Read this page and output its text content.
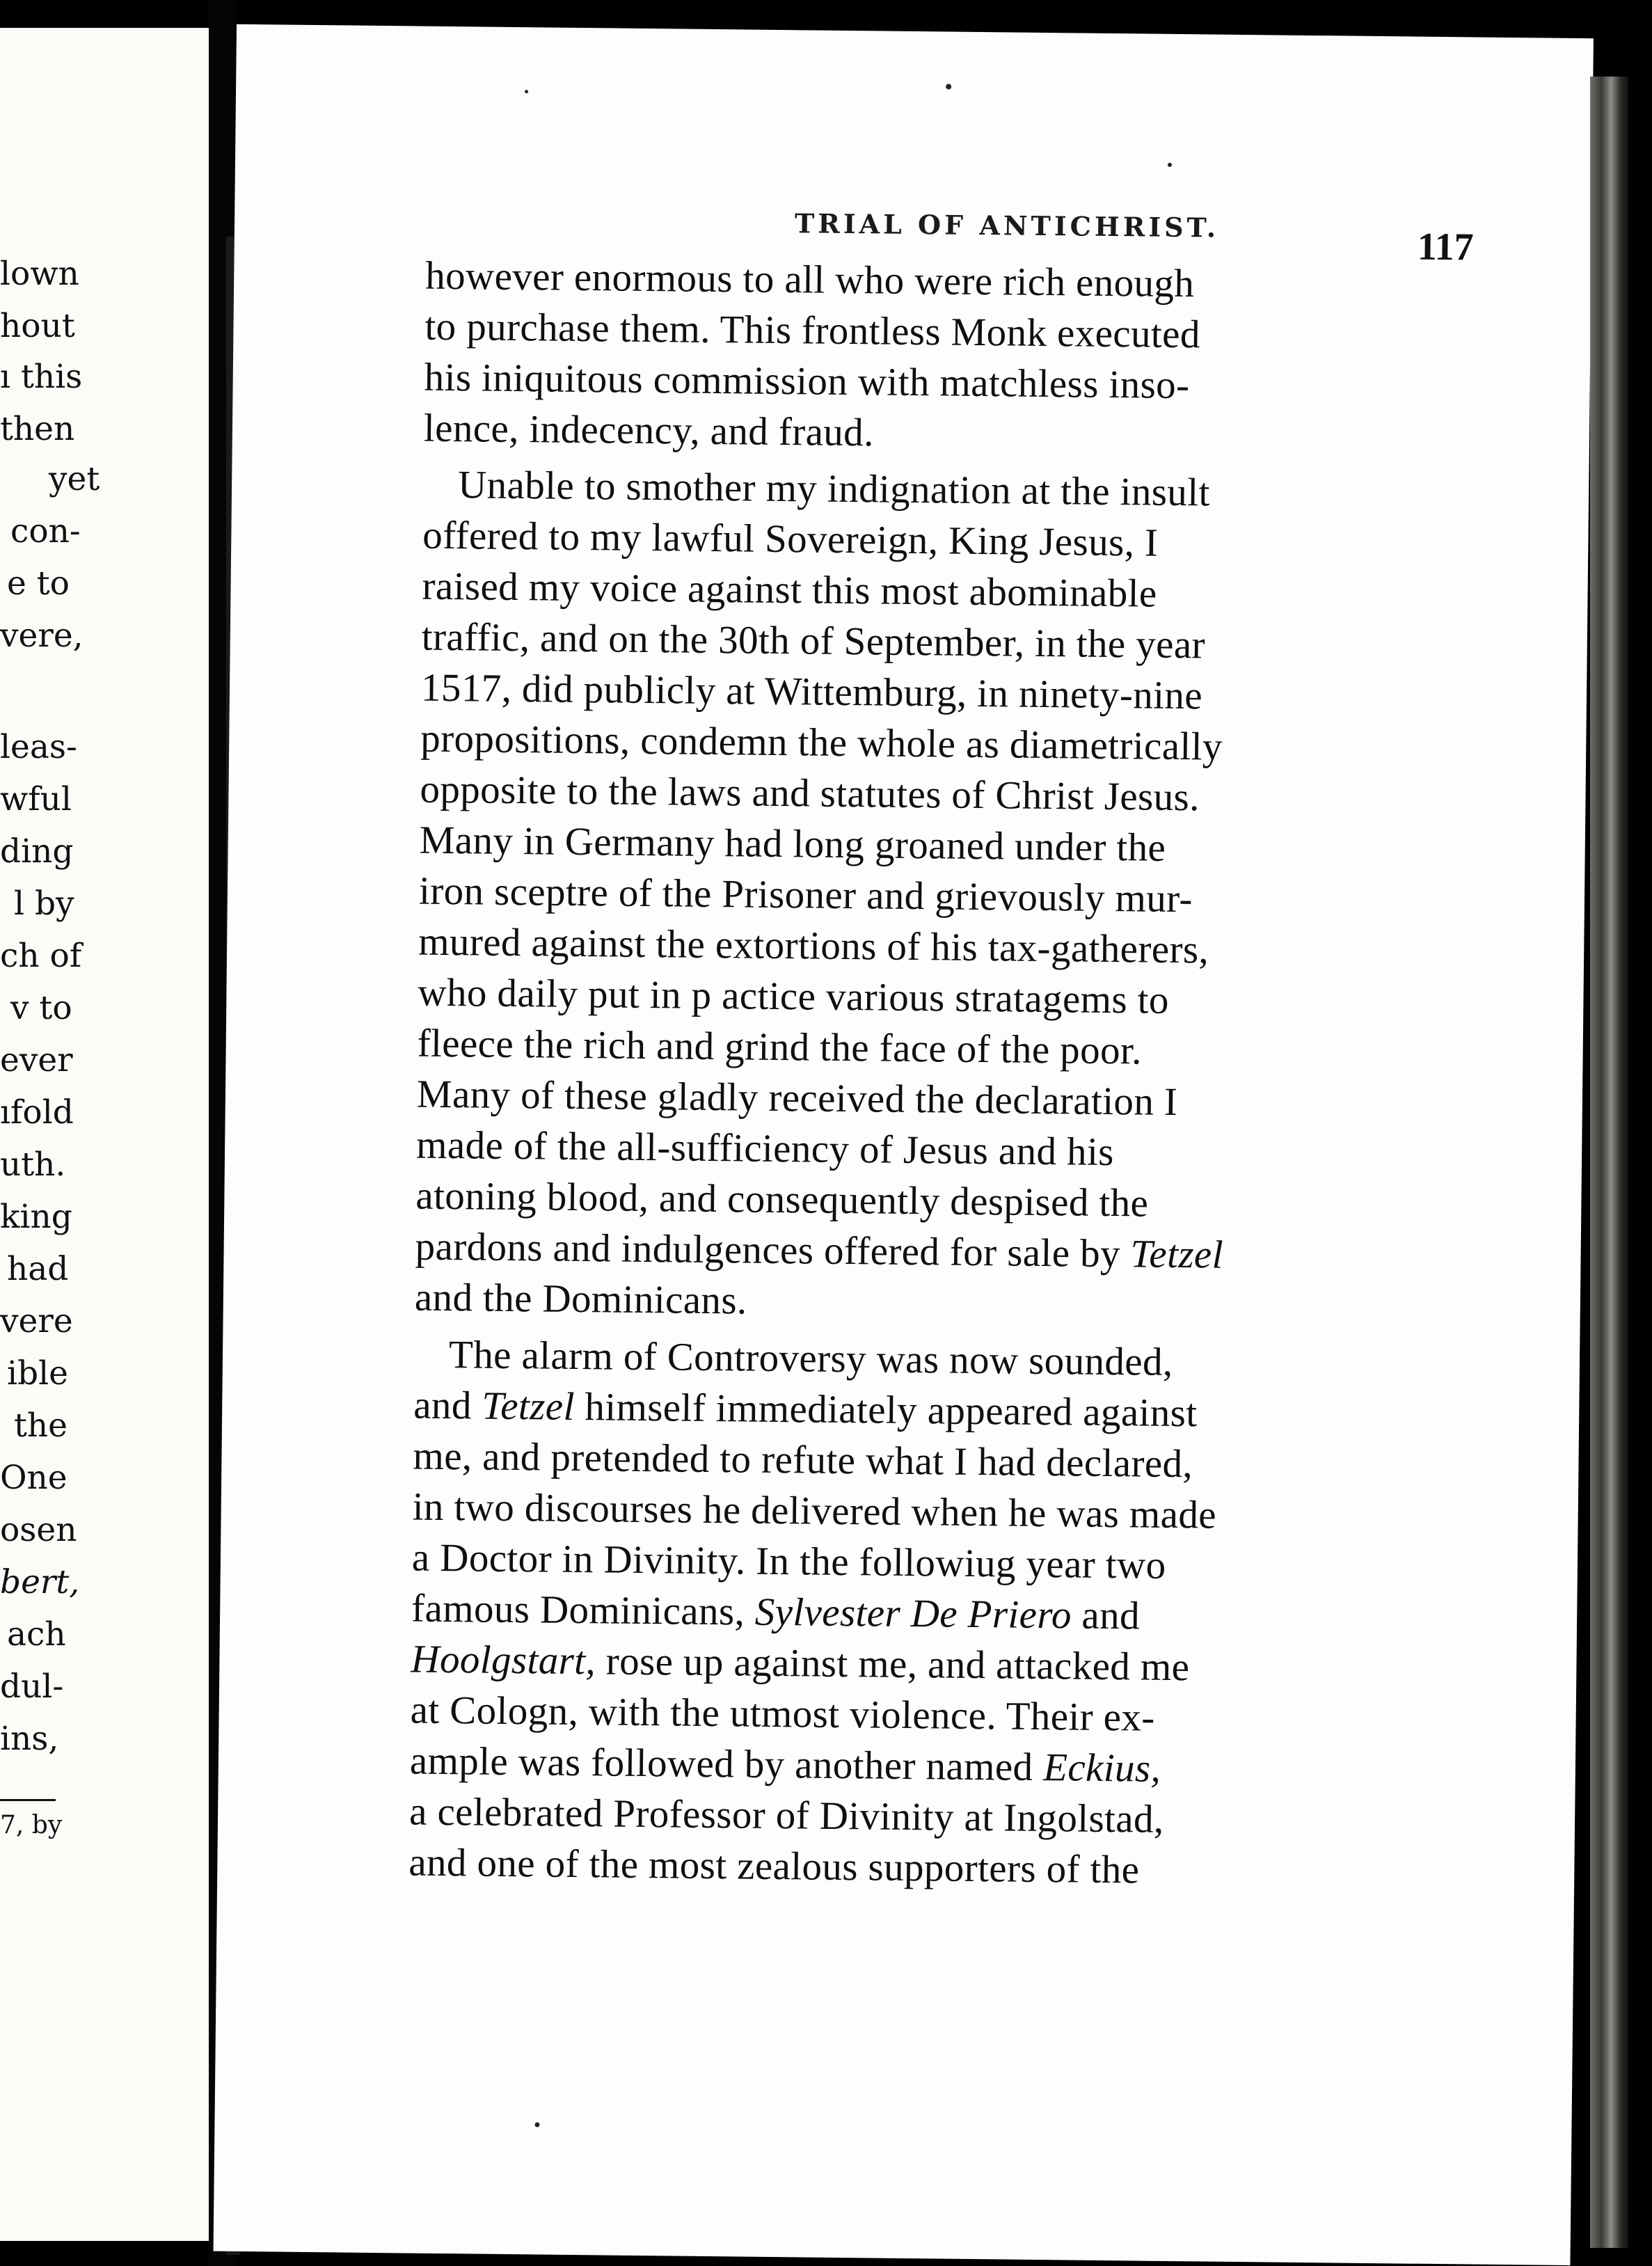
lown
hout
ı this
then
yet
con-
e to
vere,
leas-
wful
ding
l by
ch of
v to
ever
ıfold
uth.
king
had
vere
ible
the
One
osen
bert,
ach
dul-
ins,
7, by
TRIAL OF ANTICHRIST.	117
however enormous to all who were rich enough
to purchase them. This frontless Monk executed
his iniquitous commission with matchless inso-
lence, indecency, and fraud.
Unable to smother my indignation at the insult
offered to my lawful Sovereign, King Jesus, I
raised my voice against this most abominable
traffic, and on the 30th of September, in the year
1517, did publicly at Wittemburg, in ninety-nine
propositions, condemn the whole as diametrically
opposite to the laws and statutes of Christ Jesus.
Many in Germany had long groaned under the
iron sceptre of the Prisoner and grievously mur-
mured against the extortions of his tax-gatherers,
who daily put in p actice various stratagems to
fleece the rich and grind the face of the poor.
Many of these gladly received the declaration I
made of the all-sufficiency of Jesus and his
atoning blood, and consequently despised the
pardons and indulgences offered for sale by Tetzel
and the Dominicans.
The alarm of Controversy was now sounded,
and Tetzel himself immediately appeared against
me, and pretended to refute what I had declared,
in two discourses he delivered when he was made
a Doctor in Divinity. In the followiug year two
famous Dominicans, Sylvester De Priero and
Hoolgstart, rose up against me, and attacked me
at Cologn, with the utmost violence. Their ex-
ample was followed by another named Eckius,
a celebrated Professor of Divinity at Ingolstad,
and one of the most zealous supporters of the
